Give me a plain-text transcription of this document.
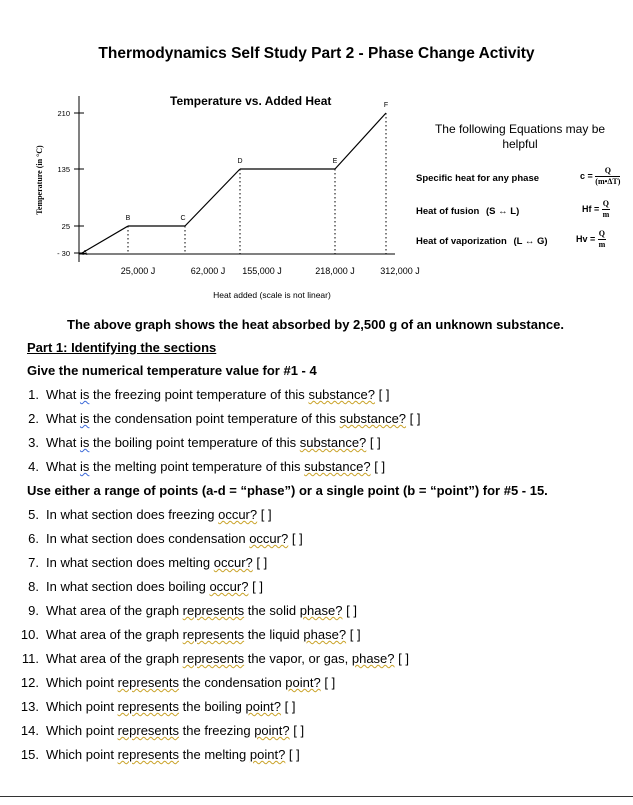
Thermodynamics Self Study Part 2 - Phase Change Activity
Temperature vs. Added Heat
Temperature (in °C)
210
135
25
- 30 A
B	C
D	E
F
25,000 J	62,000 J 155,000 J	218,000 J	312,000 J
Heat added (scale is not linear)
The following Equations may be helpful
Specific heat for any phase	$c = \frac{Q}{(m•\Delta T)}$
Heat of fusion (S ↔ L)	$Hf = \frac{Q}{m}$
Heat of vaporization (L ↔ G)	$Hv = \frac{Q}{m}$
The above graph shows the heat absorbed by 2,500 g of an unknown substance.
Part 1: Identifying the sections
Give the numerical temperature value for #1 - 4
1. What is the freezing point temperature of this substance? [ ]
2. What is the condensation point temperature of this substance? [ ]
3. What is the boiling point temperature of this substance? [ ]
4. What is the melting point temperature of this substance? [ ]
Use either a range of points (a-d = “phase”) or a single point (b = “point”) for #5 - 15.
5. In what section does freezing occur? [ ]
6. In what section does condensation occur? [ ]
7. In what section does melting occur? [ ]
8. In what section does boiling occur? [ ]
9. What area of the graph represents the solid phase? [ ]
10. What area of the graph represents the liquid phase? [ ]
11. What area of the graph represents the vapor, or gas, phase? [ ]
12. Which point represents the condensation point? [ ]
13. Which point represents the boiling point? [ ]
14. Which point represents the freezing point? [ ]
15. Which point represents the melting point? [ ]
